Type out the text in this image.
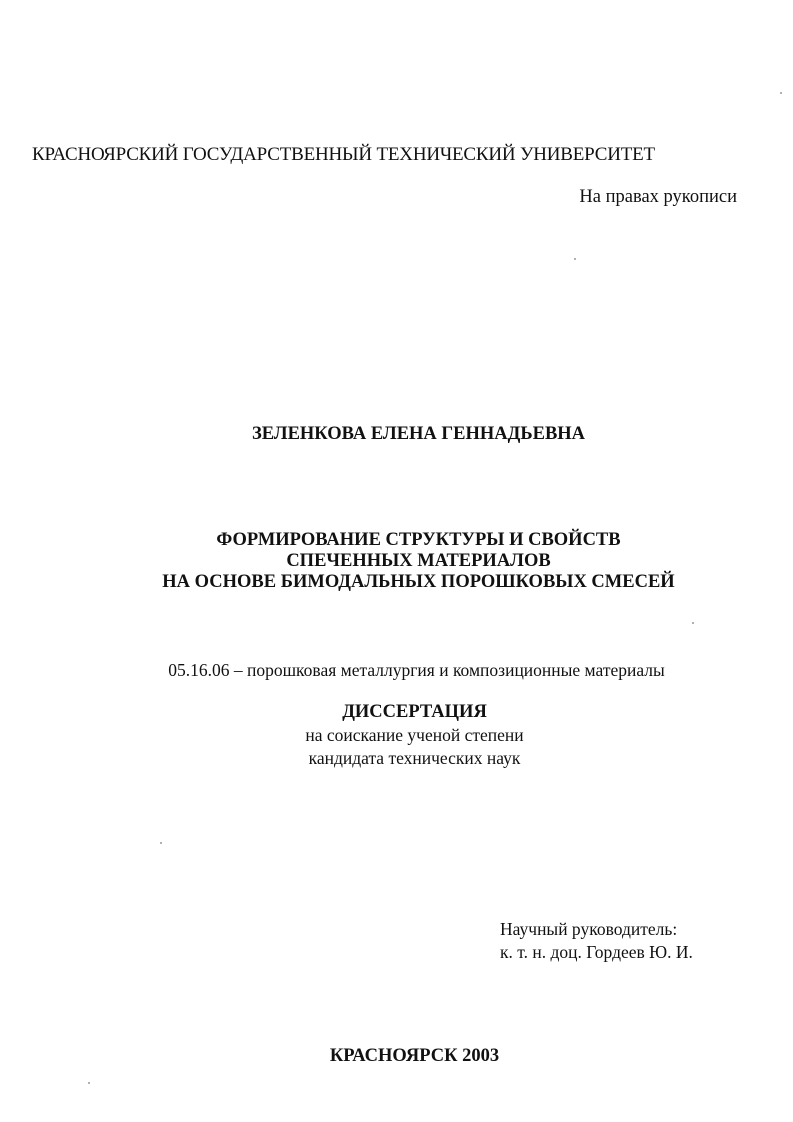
КРАСНОЯРСКИЙ ГОСУДАРСТВЕННЫЙ ТЕХНИЧЕСКИЙ УНИВЕРСИТЕТ

На правах рукописи

ЗЕЛЕНКОВА ЕЛЕНА ГЕННАДЬЕВНА

ФОРМИРОВАНИЕ СТРУКТУРЫ И СВОЙСТВ
СПЕЧЕННЫХ МАТЕРИАЛОВ
НА ОСНОВЕ БИМОДАЛЬНЫХ ПОРОШКОВЫХ СМЕСЕЙ

05.16.06 – порошковая металлургия и композиционные материалы

ДИССЕРТАЦИЯ

на соискание ученой степени
кандидата технических наук
Научный руководитель:
к. т. н. доц. Гордеев Ю. И.

КРАСНОЯРСК 2003
